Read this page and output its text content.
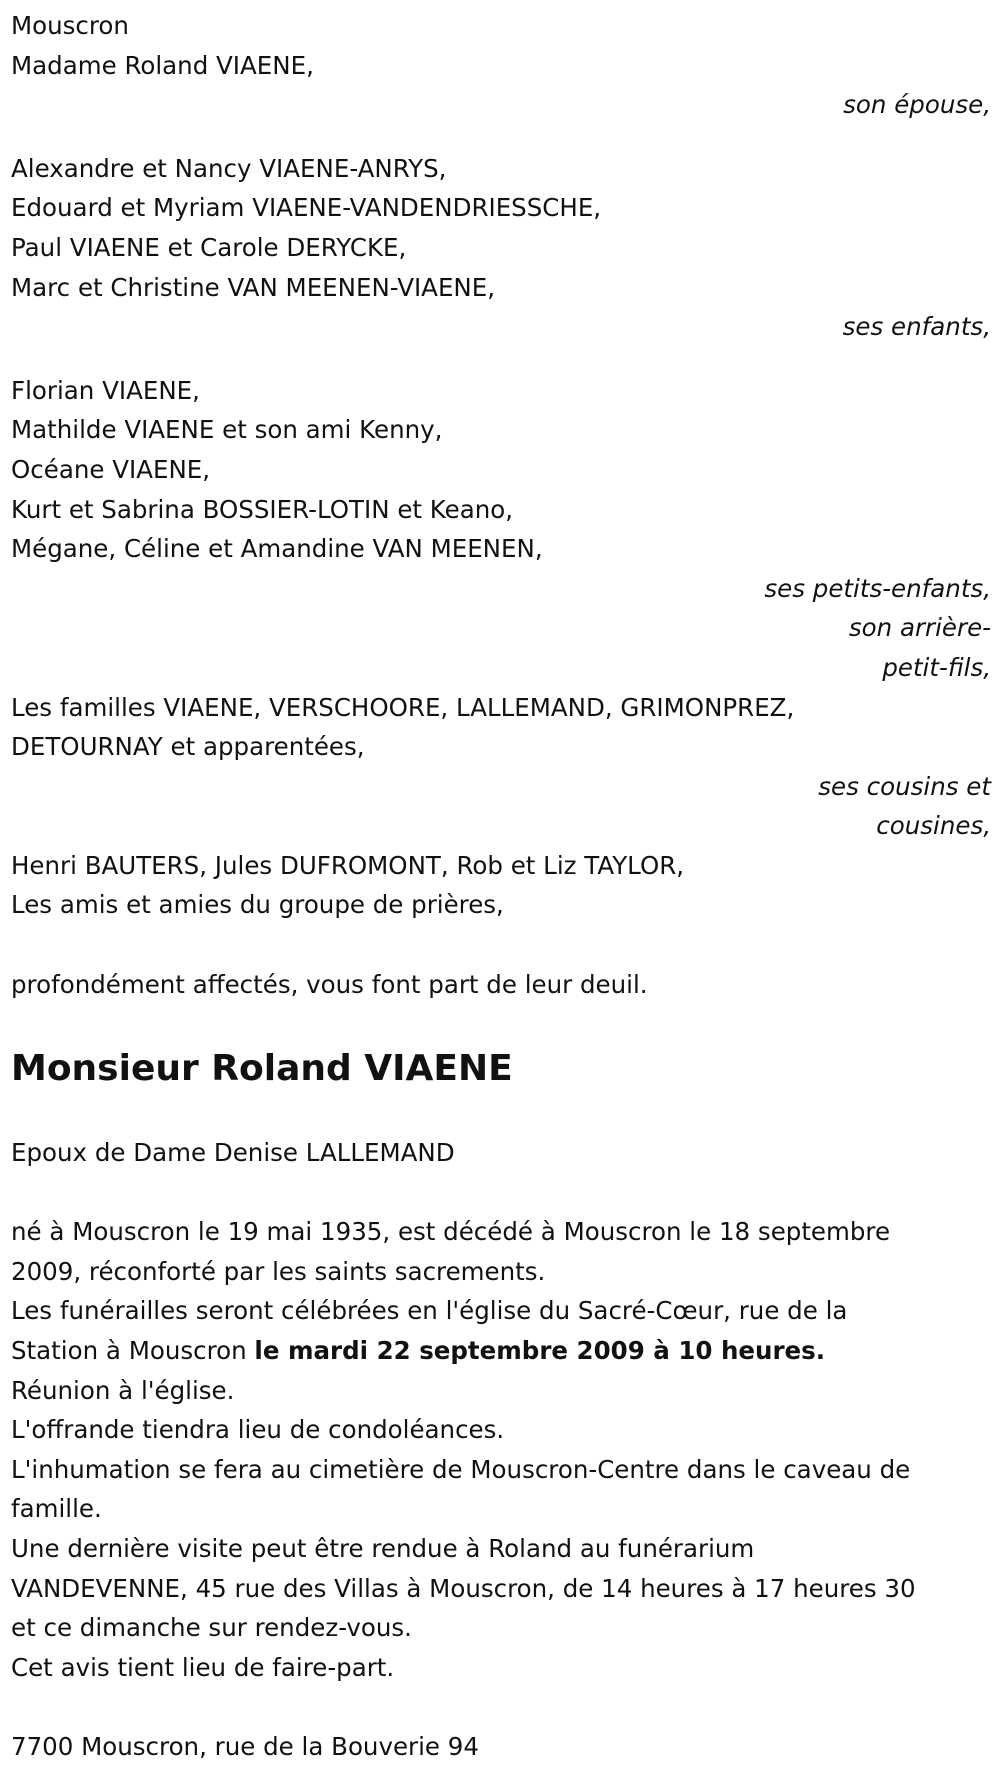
Mouscron
Madame Roland VIAENE,
son épouse,
Alexandre et Nancy VIAENE-ANRYS,
Edouard et Myriam VIAENE-VANDENDRIESSCHE,
Paul VIAENE et Carole DERYCKE,
Marc et Christine VAN MEENEN-VIAENE,
ses enfants,
Florian VIAENE,
Mathilde VIAENE et son ami Kenny,
Océane VIAENE,
Kurt et Sabrina BOSSIER-LOTIN et Keano,
Mégane, Céline et Amandine VAN MEENEN,
ses petits-enfants,
son arrière-
petit-fils,
Les familles VIAENE, VERSCHOORE, LALLEMAND, GRIMONPREZ,
DETOURNAY et apparentées,
ses cousins et
cousines,
Henri BAUTERS, Jules DUFROMONT, Rob et Liz TAYLOR,
Les amis et amies du groupe de prières,
profondément affectés, vous font part de leur deuil.
Monsieur Roland VIAENE
Epoux de Dame Denise LALLEMAND
né à Mouscron le 19 mai 1935, est décédé à Mouscron le 18 septembre
2009, réconforté par les saints sacrements.
Les funérailles seront célébrées en l'église du Sacré-Cœur, rue de la
Station à Mouscron le mardi 22 septembre 2009 à 10 heures.
Réunion à l'église.
L'offrande tiendra lieu de condoléances.
L'inhumation se fera au cimetière de Mouscron-Centre dans le caveau de
famille.
Une dernière visite peut être rendue à Roland au funérarium
VANDEVENNE, 45 rue des Villas à Mouscron, de 14 heures à 17 heures 30
et ce dimanche sur rendez-vous.
Cet avis tient lieu de faire-part.
7700 Mouscron, rue de la Bouverie 94
